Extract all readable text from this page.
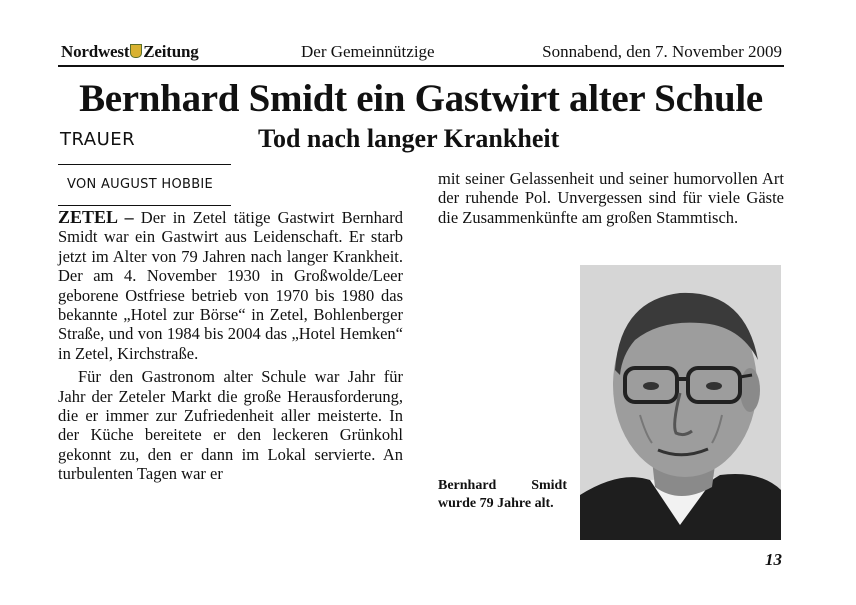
Nordwest Zeitung	Der Gemeinnützige	Sonnabend, den 7. November 2009
Bernhard Smidt ein Gastwirt alter Schule
TRAUER	Tod nach langer Krankheit
VON AUGUST HOBBIE

ZETEL – Der in Zetel tätige Gastwirt Bernhard Smidt war ein Gastwirt aus Leidenschaft. Er starb jetzt im Alter von 79 Jahren nach langer Krankheit. Der am 4. November 1930 in Großwolde/Leer geborene Ostfriese betrieb von 1970 bis 1980 das bekannte „Hotel zur Börse“ in Zetel, Bohlenberger Straße, und von 1984 bis 2004 das „Hotel Hemken“ in Zetel, Kirchstraße.

Für den Gastronom alter Schule war Jahr für Jahr der Zeteler Markt die große Herausforderung, die er immer zur Zufriedenheit aller meisterte. In der Küche bereitete er den leckeren Grünkohl gekonnt zu, den er dann im Lokal servierte. An turbulenten Tagen war er

mit seiner Gelassenheit und seiner humorvollen Art der ruhende Pol. Unvergessen sind für viele Gäste die Zusammenkünfte am großen Stammtisch.

Bernhard Smidt wurde 79 Jahre alt.
13
